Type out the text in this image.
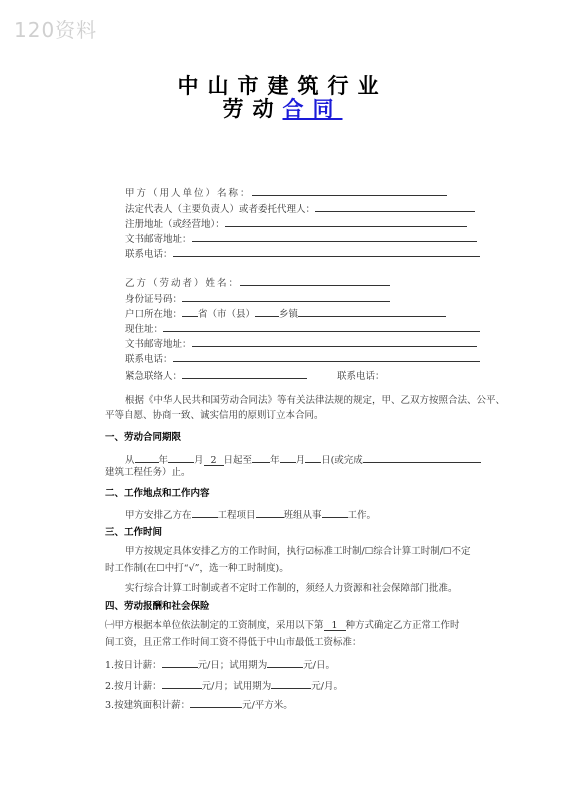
120资料
中山市建筑行业
劳动合同
甲方（用人单位）名称：
法定代表人（主要负责人）或者委托代理人：
注册地址（或经营地）：
文书邮寄地址：
联系电话：
乙方（劳动者）姓名：
身份证号码：
户口所在地： 省（市（县）	乡镇
现住址：
文书邮寄地址：
联系电话：
紧急联络人：	联系电话：
根据《中华人民共和国劳动合同法》等有关法律法规的规定，甲、乙双方按照合法、公平、
平等自愿、协商一致、诚实信用的原则订立本合同。
一、劳动合同期限
从	年	月 2 日起至 年 月 日(或完成
建筑工程任务）止。
二、工作地点和工作内容
甲方安排乙方在	工程项目	班组从事	工作。
三、工作时间
甲方按规定具体安排乙方的工作时间，执行☑标准工时制/☐综合计算工时制/☐不定
时工作制(在☐中打“√”，选一种工时制度)。
实行综合计算工时制或者不定时工作制的，须经人力资源和社会保障部门批准。
四、劳动报酬和社会保险
㈠甲方根据本单位依法制定的工资制度，采用以下第 1 种方式确定乙方正常工作时
间工资，且正常工作时间工资不得低于中山市最低工资标准：
1.按日计薪：	元/日；试用期为	元/日。
2.按月计薪：	元/月；试用期为	元/月。
3.按建筑面积计薪：	元/平方米。
